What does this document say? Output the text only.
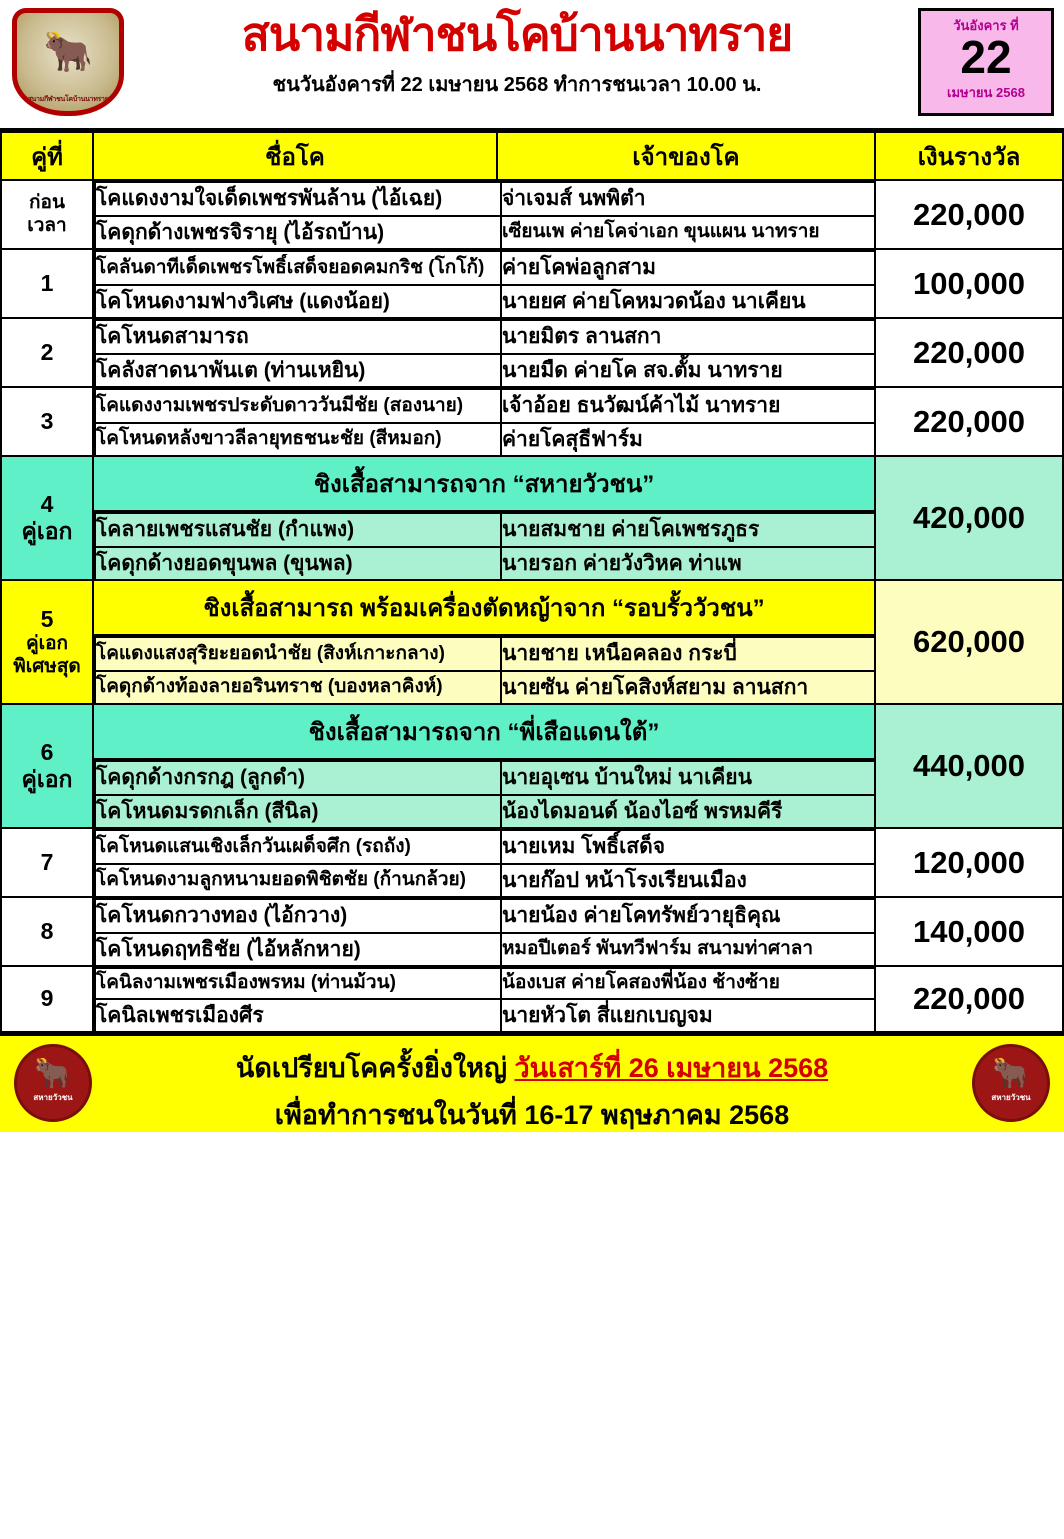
🐂
สนามกีฬาชนโคบ้านนาทราย
สนามกีฬาชนโคบ้านนาทราย
ชนวันอังคารที่ 22 เมษายน 2568 ทำการชนเวลา 10.00 น.
วันอังคาร ที่
22
เมษายน 2568
คู่ที่	ชื่อโค	เจ้าของโค	เงินรางวัล

ก่อน
เวลา

โคแดงงามใจเด็ดเพชรพันล้าน (ไอ้เฉย)	จ่าเจมส์ นพพิตำ

โคดุกด้างเพชรจิรายุ (ไอ้รถบ้าน)	เซียนเพ ค่ายโคจ่าเอก ขุนแผน นาทราย
		220,000
1	
โคลันดาทีเด็ดเพชรโพธิ์เสด็จยอดคมกริช (โกโก้)	ค่ายโคพ่อลูกสาม

โคโหนดงามฟางวิเศษ (แดงน้อย)	นายยศ ค่ายโคหมวดน้อง นาเคียน
	100,000
2	
โคโหนดสามารถ	นายมิตร ลานสกา

โคลังสาดนาพันเต (ท่านเหยิน)	นายมืด ค่ายโค สจ.ตั้ม นาทราย
	220,000
3	
โคแดงงามเพชรประดับดาววันมีชัย (สองนาย)	เจ้าอ้อย ธนวัฒน์ค้าไม้ นาทราย

โคโหนดหลังขาวลีลายุทธชนะชัย (สีหมอก)	ค่ายโคสุธีฟาร์ม
	220,000
4
คู่เอก	
ชิงเสื้อสามารถจาก “สหายวัวชน”
โคลายเพชรแสนชัย (กำแพง)	นายสมชาย ค่ายโคเพชรภูธร

โคดุกด้างยอดขุนพล (ขุนพล)	นายรอก ค่ายวังวิหค ท่าแพ
	420,000
5

คู่เอก
พิเศษสุด

ชิงเสื้อสามารถ พร้อมเครื่องตัดหญ้าจาก “รอบรั้ววัวชน”
โคแดงแสงสุริยะยอดนำชัย (สิงห์เกาะกลาง)	นายชาย เหนือคลอง กระบี่

โคดุกด้างท้องลายอรินทราช (บองหลาคิงห์)	นายซัน ค่ายโคสิงห์สยาม ลานสกา
	620,000
6
คู่เอก	
ชิงเสื้อสามารถจาก “พี่เสือแดนใต้”
โคดุกด้างกรกฎ (ลูกดำ)	นายอุเซน บ้านใหม่ นาเคียน

โคโหนดมรดกเล็ก (สีนิล)	น้องไดมอนด์ น้องไอซ์ พรหมคีรี
	440,000
7	
โคโหนดแสนเชิงเล็กวันเผด็จศึก (รถถัง)	นายเหม โพธิ์เสด็จ

โคโหนดงามลูกหนามยอดพิชิตชัย (ก้านกล้วย)	นายก๊อป หน้าโรงเรียนเมือง
	120,000
8	
โคโหนดกวางทอง (ไอ้กวาง)	นายน้อง ค่ายโคทรัพย์วายุธิคุณ

โคโหนดฤทธิชัย (ไอ้หลักหาย)	หมอปีเตอร์ พันทวีฟาร์ม สนามท่าศาลา
		140,000
9	
โคนิลงามเพชรเมืองพรหม (ท่านม้วน)	น้องเบส ค่ายโคสองพี่น้อง ช้างซ้าย

โคนิลเพชรเมืองศีร	นายหัวโต สี่แยกเบญจม
		220,000
🐂
สหายวัวชน
นัดเปรียบโคครั้งยิ่งใหญ่ วันเสาร์ที่ 26 เมษายน 2568
เพื่อทำการชนในวันที่ 16-17 พฤษภาคม 2568
🐂
สหายวัวชน
